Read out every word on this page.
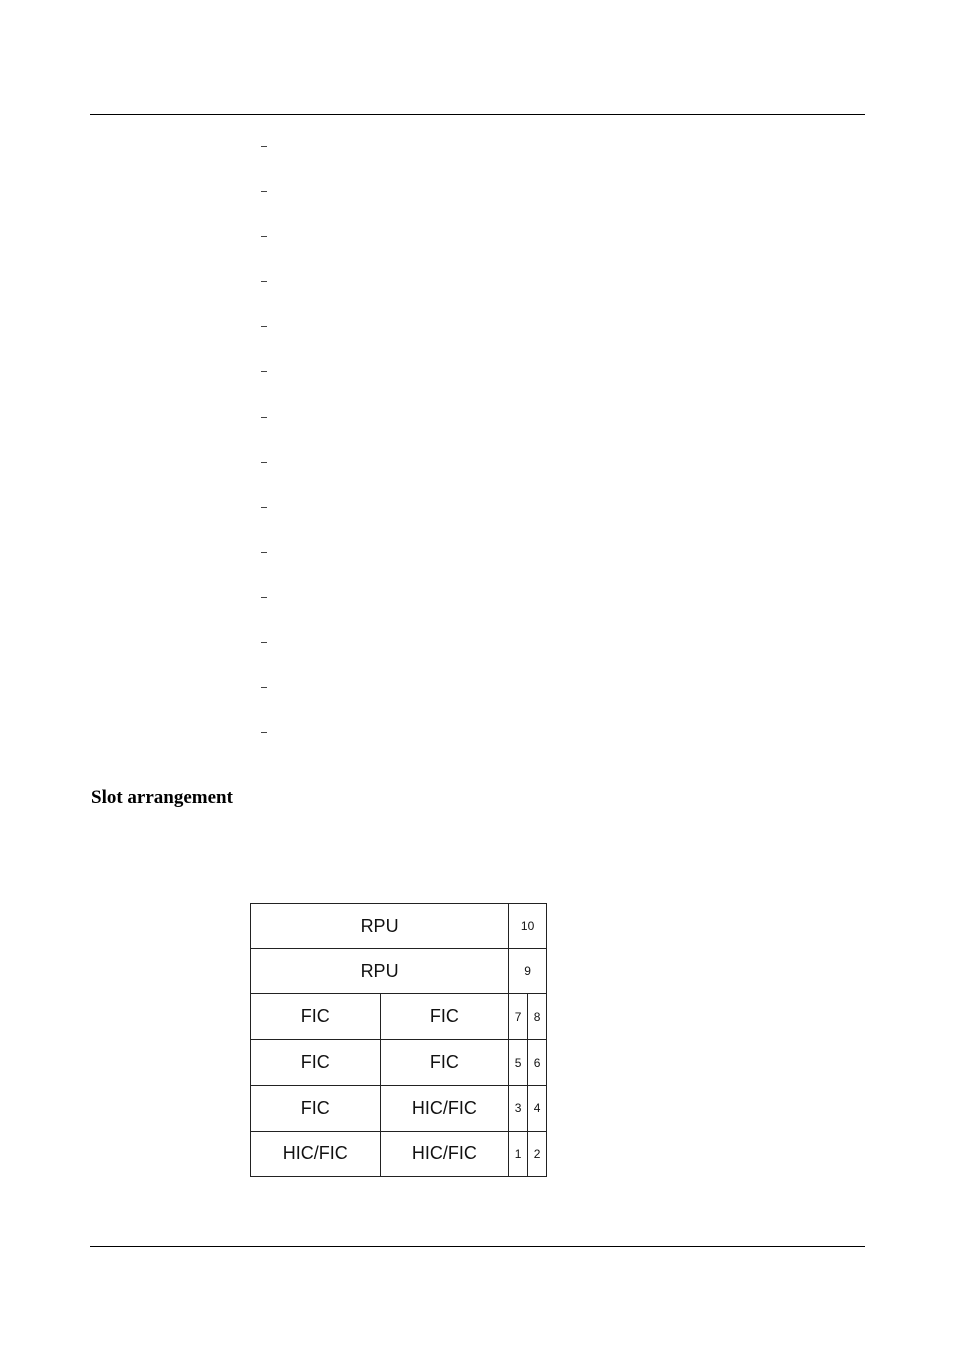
Slot arrangement
RPU		10	
RPU		9	
FIC	FIC	7	8
FIC	FIC	5	6
FIC	HIC/FIC	3	4
HIC/FIC	HIC/FIC	1	2
